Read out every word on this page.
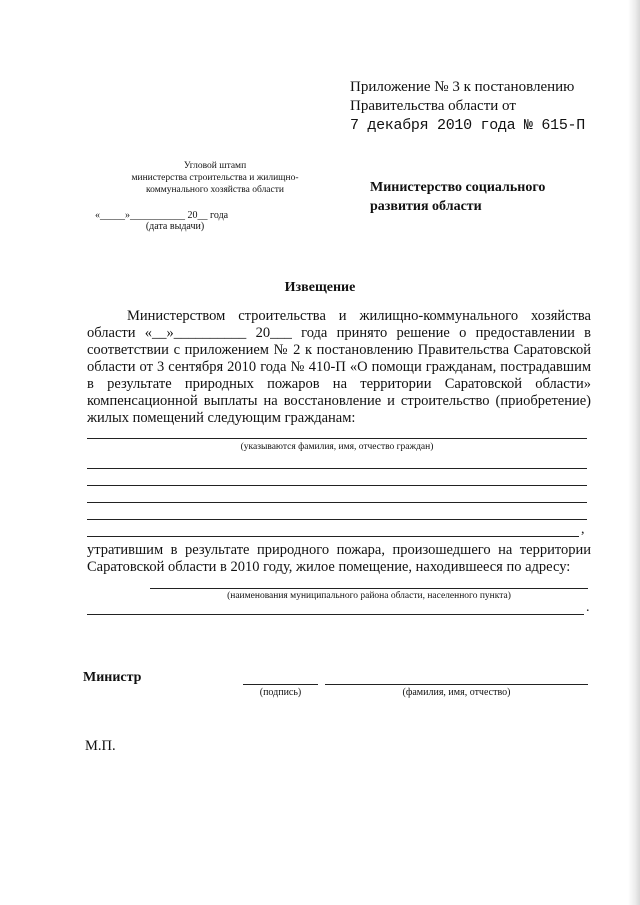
Приложение № 3 к постановлению
Правительства области от
7 декабря 2010 года № 615-П
Угловой штамп
министерства строительства и жилищно-
коммунального хозяйства области
«_____»___________ 20__ года
(дата выдачи)
Министерство социального
развития области
Извещение
Министерством строительства и жилищно-коммунального хозяйства области «__»__________ 20___ года принято решение о предоставлении в соответствии с приложением № 2 к постановлению Правительства Саратовской области от 3 сентября 2010 года № 410-П «О помощи гражданам, пострадавшим в результате природных пожаров на территории Саратовской области» компенсационной выплаты на восстановление и строительство (приобретение) жилых помещений следующим гражданам:
(указываются фамилия, имя, отчество граждан)
,
утратившим в результате природного пожара, произошедшего на территории Саратовской области в 2010 году, жилое помещение, находившееся по адресу:
(наименования муниципального района области, населенного пункта)
.
Министр
(подпись)	(фамилия, имя, отчество)
М.П.
